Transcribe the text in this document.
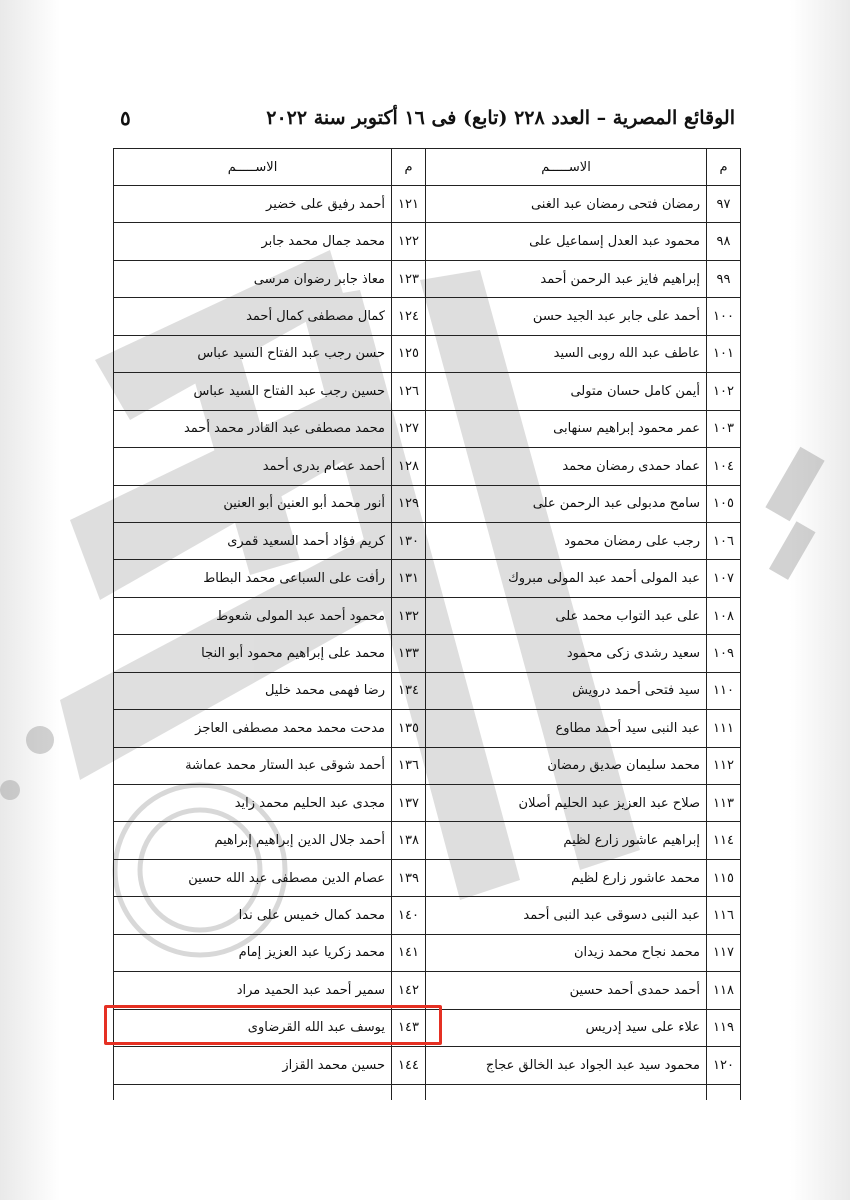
٥	الوقائع المصرية – العدد ٢٢٨ (تابع) فى ١٦ أكتوبر سنة ٢٠٢٢
م	الاســـــم	م	الاســـــم
٩٧	رمضان فتحى رمضان عبد الغنى	١٢١	أحمد رفيق على خضير
٩٨	محمود عبد العدل إسماعيل على	١٢٢	محمد جمال محمد جابر
٩٩	إبراهيم فايز عبد الرحمن أحمد	١٢٣	معاذ جابر رضوان مرسى
١٠٠	أحمد على جابر عبد الجيد حسن	١٢٤	كمال مصطفى كمال أحمد
١٠١	عاطف عبد الله روبى السيد	١٢٥	حسن رجب عبد الفتاح السيد عباس
١٠٢	أيمن كامل حسان متولى	١٢٦	حسين رجب عبد الفتاح السيد عباس
١٠٣	عمر محمود إبراهيم سنهابى	١٢٧	محمد مصطفى عبد القادر محمد أحمد
١٠٤	عماد حمدى رمضان محمد	١٢٨	أحمد عصام بدرى أحمد
١٠٥	سامح مدبولى عبد الرحمن على	١٢٩	أنور محمد أبو العنين أبو العنين
١٠٦	رجب على رمضان محمود	١٣٠	كريم فؤاد أحمد السعيد قمرى
١٠٧	عبد المولى أحمد عبد المولى مبروك	١٣١	رأفت على السباعى محمد البطاط
١٠٨	على عبد التواب محمد على	١٣٢	محمود أحمد عبد المولى شعوط
١٠٩	سعيد رشدى زكى محمود	١٣٣	محمد على إبراهيم محمود أبو النجا
١١٠	سيد فتحى أحمد درويش	١٣٤	رضا فهمى محمد خليل
١١١	عبد النبى سيد أحمد مطاوع	١٣٥	مدحت محمد محمد مصطفى العاجز
١١٢	محمد سليمان صديق رمضان	١٣٦	أحمد شوقى عبد الستار محمد عماشة
١١٣	صلاح عبد العزيز عبد الحليم أصلان	١٣٧	مجدى عبد الحليم محمد زايد
١١٤	إبراهيم عاشور زارع لظيم	١٣٨	أحمد جلال الدين إبراهيم إبراهيم
١١٥	محمد عاشور زارع لظيم	١٣٩	عصام الدين مصطفى عبد الله حسين
١١٦	عبد النبى دسوقى عبد النبى أحمد	١٤٠	محمد كمال خميس على ندا
١١٧	محمد نجاح محمد زيدان	١٤١	محمد زكريا عبد العزيز إمام
١١٨	أحمد حمدى أحمد حسين	١٤٢	سمير أحمد عبد الحميد مراد
١١٩	علاء على سيد إدريس	١٤٣	يوسف عبد الله القرضاوى
١٢٠	محمود سيد عبد الجواد عبد الخالق عجاج	١٤٤	حسين محمد القزاز
